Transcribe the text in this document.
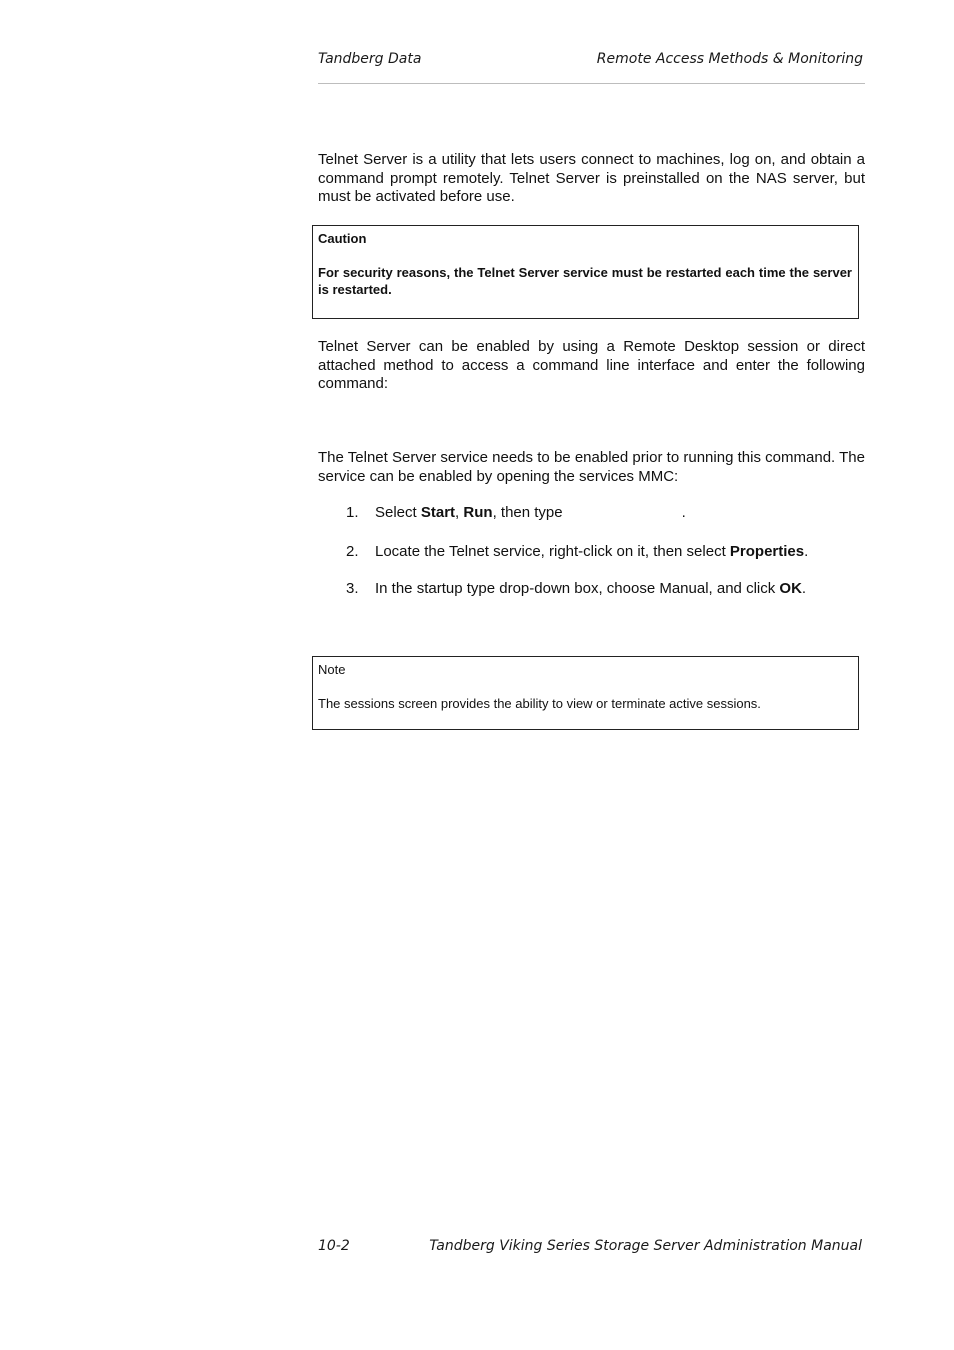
Tandberg Data	Remote Access Methods & Monitoring
Telnet Server is a utility that lets users connect to machines, log on, and obtain a command prompt remotely. Telnet Server is preinstalled on the NAS server, but must be activated before use.
Caution
For security reasons, the Telnet Server service must be restarted each time the server is restarted.
Telnet Server can be enabled by using a Remote Desktop session or direct attached method to access a command line interface and enter the following command:
The Telnet Server service needs to be enabled prior to running this command. The service can be enabled by opening the services MMC:
1. Select Start, Run, then type	.
2. Locate the Telnet service, right-click on it, then select Properties.
3. In the startup type drop-down box, choose Manual, and click OK.
Note
The sessions screen provides the ability to view or terminate active sessions.
10-2	Tandberg Viking Series Storage Server Administration Manual
